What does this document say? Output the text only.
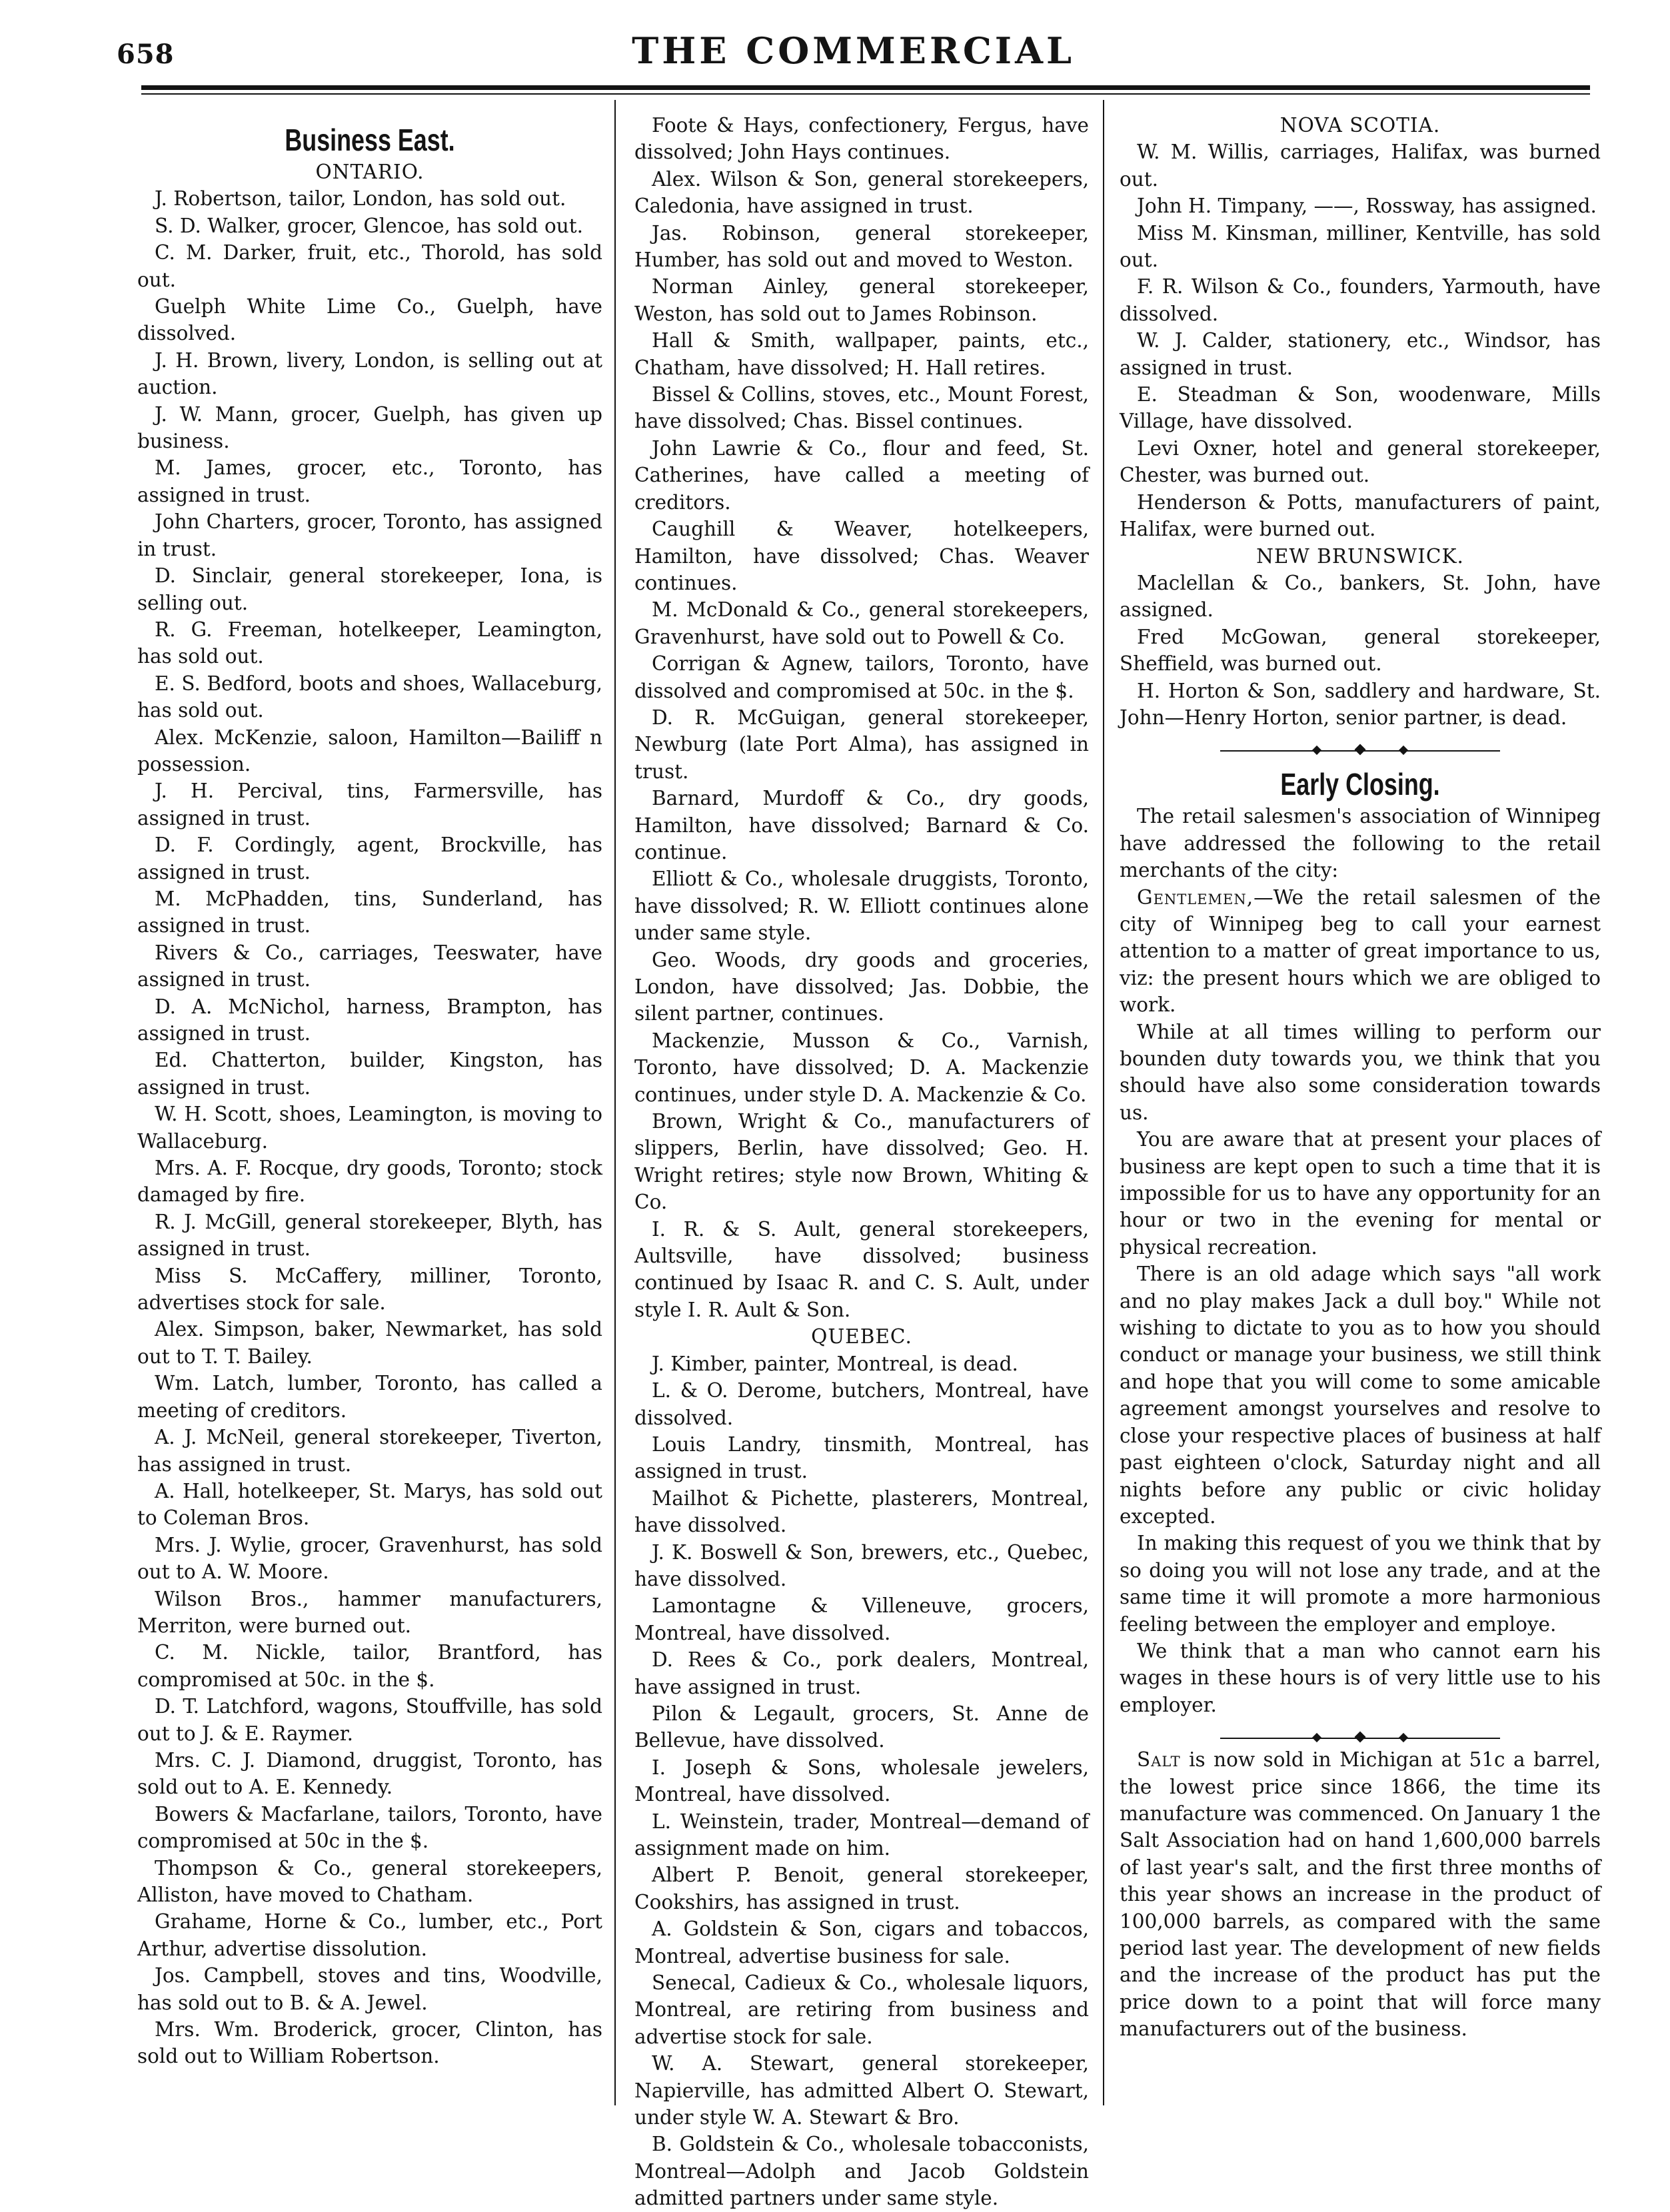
658	THE COMMERCIAL
Business East.

ONTARIO.

J. Robertson, tailor, London, has sold out.

S. D. Walker, grocer, Glencoe, has sold out.

C. M. Darker, fruit, etc., Thorold, has sold out.

Guelph White Lime Co., Guelph, have dissolved.

J. H. Brown, livery, London, is selling out at auction.

J. W. Mann, grocer, Guelph, has given up business.

M. James, grocer, etc., Toronto, has assigned in trust.

John Charters, grocer, Toronto, has assigned in trust.

D. Sinclair, general storekeeper, Iona, is selling out.

R. G. Freeman, hotelkeeper, Leamington, has sold out.

E. S. Bedford, boots and shoes, Wallaceburg, has sold out.

Alex. McKenzie, saloon, Hamilton—Bailiff n possession.

J. H. Percival, tins, Farmersville, has assigned in trust.

D. F. Cordingly, agent, Brockville, has assigned in trust.

M. McPhadden, tins, Sunderland, has assigned in trust.

Rivers & Co., carriages, Teeswater, have assigned in trust.

D. A. McNichol, harness, Brampton, has assigned in trust.

Ed. Chatterton, builder, Kingston, has assigned in trust.

W. H. Scott, shoes, Leamington, is moving to Wallaceburg.

Mrs. A. F. Rocque, dry goods, Toronto; stock damaged by fire.

R. J. McGill, general storekeeper, Blyth, has assigned in trust.

Miss S. McCaffery, milliner, Toronto, advertises stock for sale.

Alex. Simpson, baker, Newmarket, has sold out to T. T. Bailey.

Wm. Latch, lumber, Toronto, has called a meeting of creditors.

A. J. McNeil, general storekeeper, Tiverton, has assigned in trust.

A. Hall, hotelkeeper, St. Marys, has sold out to Coleman Bros.

Mrs. J. Wylie, grocer, Gravenhurst, has sold out to A. W. Moore.

Wilson Bros., hammer manufacturers, Merriton, were burned out.

C. M. Nickle, tailor, Brantford, has compromised at 50c. in the $.

D. T. Latchford, wagons, Stouffville, has sold out to J. & E. Raymer.

Mrs. C. J. Diamond, druggist, Toronto, has sold out to A. E. Kennedy.

Bowers & Macfarlane, tailors, Toronto, have compromised at 50c in the $.

Thompson & Co., general storekeepers, Alliston, have moved to Chatham.

Grahame, Horne & Co., lumber, etc., Port Arthur, advertise dissolution.

Jos. Campbell, stoves and tins, Woodville, has sold out to B. & A. Jewel.

Mrs. Wm. Broderick, grocer, Clinton, has sold out to William Robertson.

Foote & Hays, confectionery, Fergus, have dissolved; John Hays continues.

Alex. Wilson & Son, general storekeepers, Caledonia, have assigned in trust.

Jas. Robinson, general storekeeper, Humber, has sold out and moved to Weston.

Norman Ainley, general storekeeper, Weston, has sold out to James Robinson.

Hall & Smith, wallpaper, paints, etc., Chatham, have dissolved; H. Hall retires.

Bissel & Collins, stoves, etc., Mount Forest, have dissolved; Chas. Bissel continues.

John Lawrie & Co., flour and feed, St. Catherines, have called a meeting of creditors.

Caughill & Weaver, hotelkeepers, Hamilton, have dissolved; Chas. Weaver continues.

M. McDonald & Co., general storekeepers, Gravenhurst, have sold out to Powell & Co.

Corrigan & Agnew, tailors, Toronto, have dissolved and compromised at 50c. in the $.

D. R. McGuigan, general storekeeper, Newburg (late Port Alma), has assigned in trust.

Barnard, Murdoff & Co., dry goods, Hamilton, have dissolved; Barnard & Co. continue.

Elliott & Co., wholesale druggists, Toronto, have dissolved; R. W. Elliott continues alone under same style.

Geo. Woods, dry goods and groceries, London, have dissolved; Jas. Dobbie, the silent partner, continues.

Mackenzie, Musson & Co., Varnish, Toronto, have dissolved; D. A. Mackenzie continues, under style D. A. Mackenzie & Co.

Brown, Wright & Co., manufacturers of slippers, Berlin, have dissolved; Geo. H. Wright retires; style now Brown, Whiting & Co.

I. R. & S. Ault, general storekeepers, Aultsville, have dissolved; business continued by Isaac R. and C. S. Ault, under style I. R. Ault & Son.

QUEBEC.

J. Kimber, painter, Montreal, is dead.

L. & O. Derome, butchers, Montreal, have dissolved.

Louis Landry, tinsmith, Montreal, has assigned in trust.

Mailhot & Pichette, plasterers, Montreal, have dissolved.

J. K. Boswell & Son, brewers, etc., Quebec, have dissolved.

Lamontagne & Villeneuve, grocers, Montreal, have dissolved.

D. Rees & Co., pork dealers, Montreal, have assigned in trust.

Pilon & Legault, grocers, St. Anne de Bellevue, have dissolved.

I. Joseph & Sons, wholesale jewelers, Montreal, have dissolved.

L. Weinstein, trader, Montreal—demand of assignment made on him.

Albert P. Benoit, general storekeeper, Cookshirs, has assigned in trust.

A. Goldstein & Son, cigars and tobaccos, Montreal, advertise business for sale.

Senecal, Cadieux & Co., wholesale liquors, Montreal, are retiring from business and advertise stock for sale.

W. A. Stewart, general storekeeper, Napierville, has admitted Albert O. Stewart, under style W. A. Stewart & Bro.

B. Goldstein & Co., wholesale tobacconists, Montreal—Adolph and Jacob Goldstein admitted partners under same style.

NOVA SCOTIA.

W. M. Willis, carriages, Halifax, was burned out.

John H. Timpany, ——, Rossway, has assigned.

Miss M. Kinsman, milliner, Kentville, has sold out.

F. R. Wilson & Co., founders, Yarmouth, have dissolved.

W. J. Calder, stationery, etc., Windsor, has assigned in trust.

E. Steadman & Son, woodenware, Mills Village, have dissolved.

Levi Oxner, hotel and general storekeeper, Chester, was burned out.

Henderson & Potts, manufacturers of paint, Halifax, were burned out.

NEW BRUNSWICK.

Maclellan & Co., bankers, St. John, have assigned.

Fred McGowan, general storekeeper, Sheffield, was burned out.

H. Horton & Son, saddlery and hardware, St. John—Henry Horton, senior partner, is dead.

Early Closing.

The retail salesmen's association of Winnipeg have addressed the following to the retail merchants of the city:

Gentlemen,—We the retail salesmen of the city of Winnipeg beg to call your earnest attention to a matter of great importance to us, viz: the present hours which we are obliged to work.

While at all times willing to perform our bounden duty towards you, we think that you should have also some consideration towards us.

You are aware that at present your places of business are kept open to such a time that it is impossible for us to have any opportunity for an hour or two in the evening for mental or physical recreation.

There is an old adage which says "all work and no play makes Jack a dull boy." While not wishing to dictate to you as to how you should conduct or manage your business, we still think and hope that you will come to some amicable agreement amongst yourselves and resolve to close your respective places of business at half past eighteen o'clock, Saturday night and all nights before any public or civic holiday excepted.

In making this request of you we think that by so doing you will not lose any trade, and at the same time it will promote a more harmonious feeling between the employer and employe.

We think that a man who cannot earn his wages in these hours is of very little use to his employer.

Salt is now sold in Michigan at 51c a barrel, the lowest price since 1866, the time its manufacture was commenced. On January 1 the Salt Association had on hand 1,600,000 barrels of last year's salt, and the first three months of this year shows an increase in the product of 100,000 barrels, as compared with the same period last year. The development of new fields and the increase of the product has put the price down to a point that will force many manufacturers out of the business.
